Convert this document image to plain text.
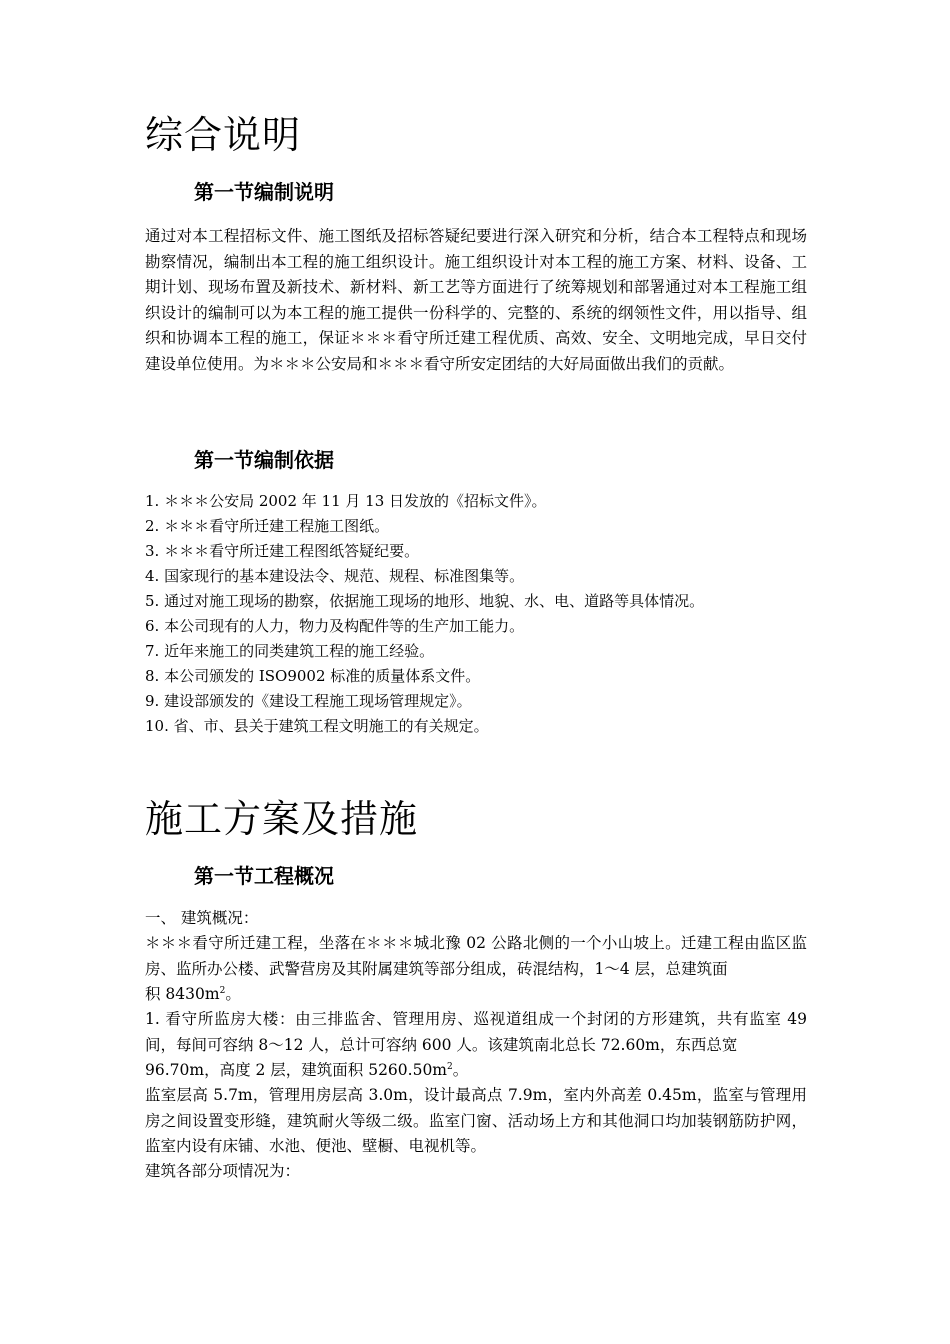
综合说明
第一节编制说明

通过对本工程招标文件、施工图纸及招标答疑纪要进行深入研究和分析，结合本工程特点和现场勘察情况，编制出本工程的施工组织设计。施工组织设计对本工程的施工方案、材料、设备、工期计划、现场布置及新技术、新材料、新工艺等方面进行了统筹规划和部署通过对本工程施工组织设计的编制可以为本工程的施工提供一份科学的、完整的、系统的纲领性文件，用以指导、组织和协调本工程的施工，保证＊＊＊看守所迁建工程优质、高效、安全、文明地完成，早日交付建设单位使用。为＊＊＊公安局和＊＊＊看守所安定团结的大好局面做出我们的贡献。

第一节编制依据
1. ＊＊＊公安局 2002 年 11 月 13 日发放的《招标文件》。
2. ＊＊＊看守所迁建工程施工图纸。
3. ＊＊＊看守所迁建工程图纸答疑纪要。
4. 国家现行的基本建设法令、规范、规程、标准图集等。
5. 通过对施工现场的勘察，依据施工现场的地形、地貌、水、电、道路等具体情况。
6. 本公司现有的人力，物力及构配件等的生产加工能力。
7. 近年来施工的同类建筑工程的施工经验。
8. 本公司颁发的 ISO9002 标准的质量体系文件。
9. 建设部颁发的《建设工程施工现场管理规定》。
10. 省、市、县关于建筑工程文明施工的有关规定。
施工方案及措施
第一节工程概况

一、 建筑概况：

＊＊＊看守所迁建工程，坐落在＊＊＊城北豫 02 公路北侧的一个小山坡上。迁建工程由监区监房、监所办公楼、武警营房及其附属建筑等部分组成，砖混结构，1～4 层，总建筑面

积 $8430m^2$。

1. 看守所监房大楼：由三排监舍、管理用房、巡视道组成一个封闭的方形建筑，共有监室 49 间，每间可容纳 8～12 人，总计可容纳 600 人。该建筑南北总长 72.60m，东西总宽

96.70m，高度 2 层，建筑面积 $5260.50m^2$。

监室层高 5.7m，管理用房层高 3.0m，设计最高点 7.9m，室内外高差 0.45m，监室与管理用房之间设置变形缝，建筑耐火等级二级。监室门窗、活动场上方和其他洞口均加装钢筋防护网，监室内设有床铺、水池、便池、壁橱、电视机等。

建筑各部分项情况为：
